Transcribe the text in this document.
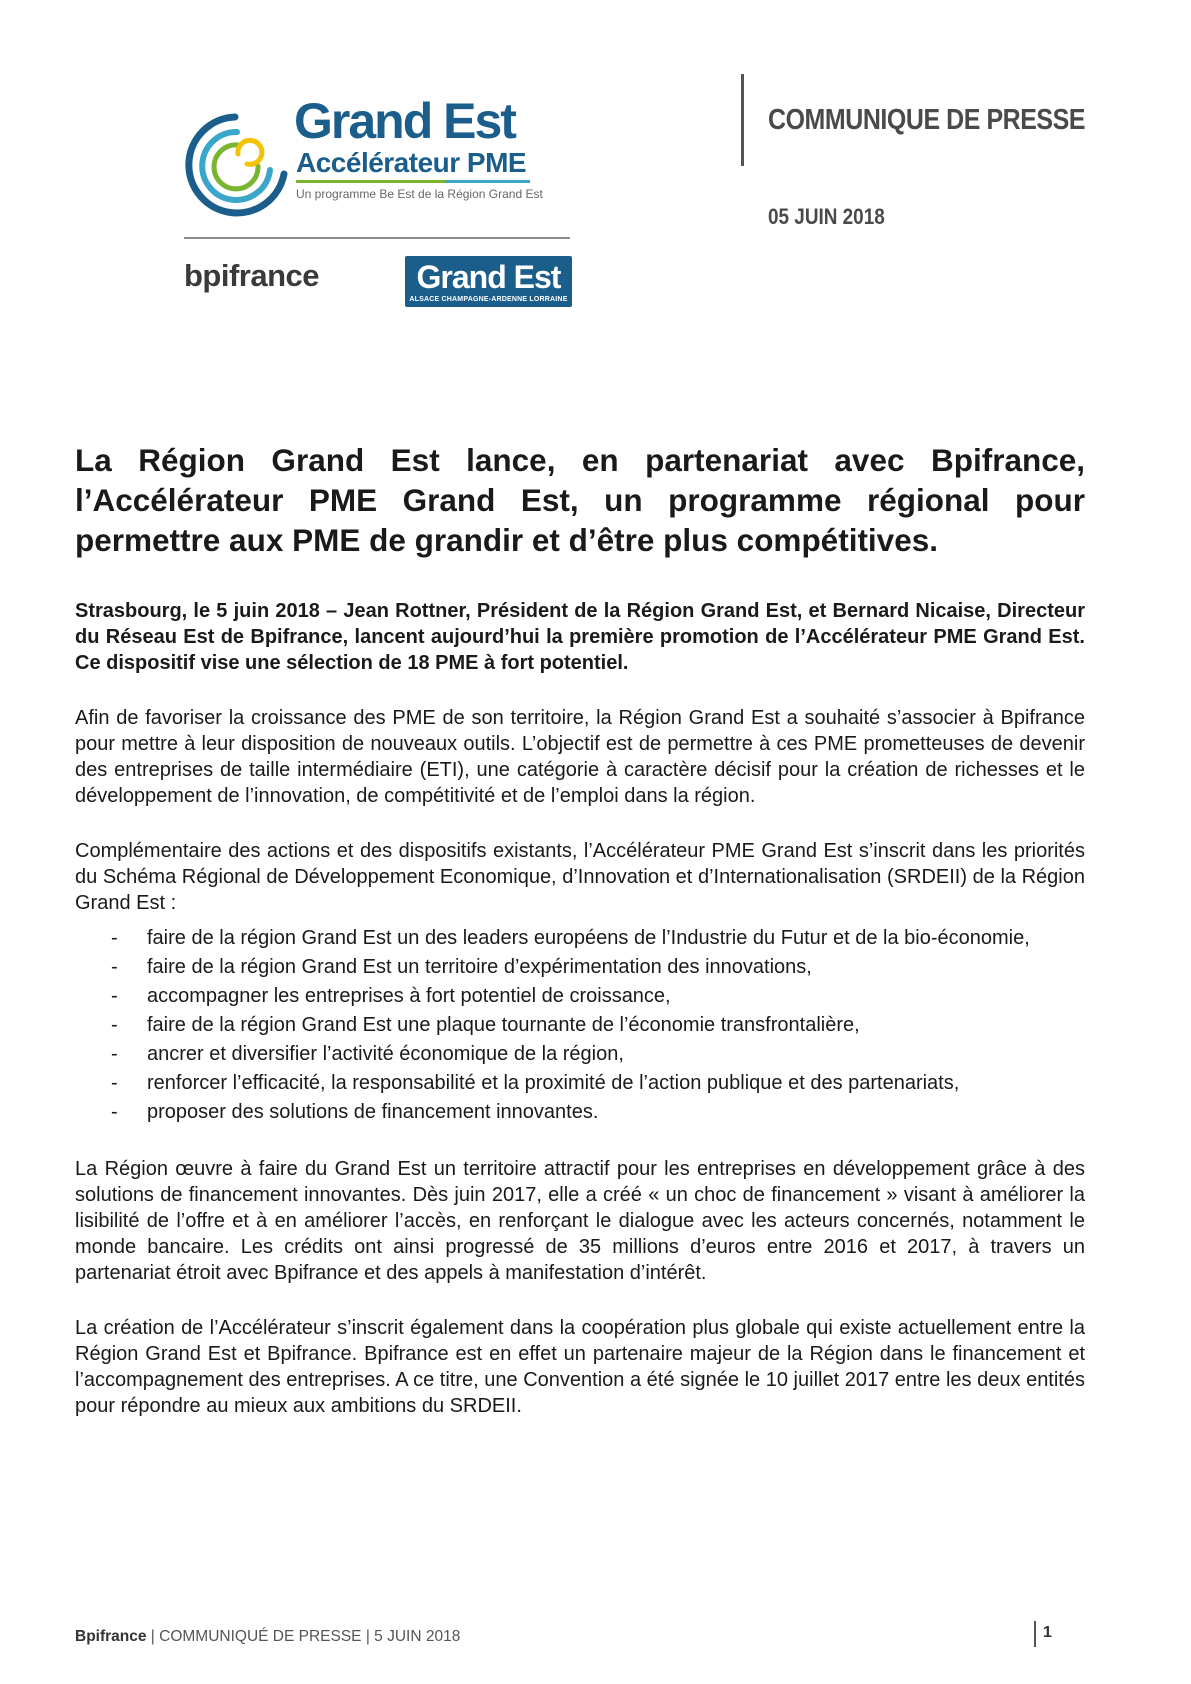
Grand Est
Accélérateur PME
Un programme Be Est de la Région Grand Est
bpifrance	Grand Est
ALSACE CHAMPAGNE-ARDENNE LORRAINE
COMMUNIQUE DE PRESSE
05 JUIN 2018
La Région Grand Est lance, en partenariat avec Bpifrance, l’Accélérateur PME Grand Est, un programme régional pour permettre aux PME de grandir et d’être plus compétitives.

Strasbourg, le 5 juin 2018 – Jean Rottner, Président de la Région Grand Est, et Bernard Nicaise, Directeur du Réseau Est de Bpifrance, lancent aujourd’hui la première promotion de l’Accélérateur PME Grand Est. Ce dispositif vise une sélection de 18 PME à fort potentiel.

Afin de favoriser la croissance des PME de son territoire, la Région Grand Est a souhaité s’associer à Bpifrance pour mettre à leur disposition de nouveaux outils. L’objectif est de permettre à ces PME prometteuses de devenir des entreprises de taille intermédiaire (ETI), une catégorie à caractère décisif pour la création de richesses et le développement de l’innovation, de compétitivité et de l’emploi dans la région.

Complémentaire des actions et des dispositifs existants, l’Accélérateur PME Grand Est s’inscrit dans les priorités du Schéma Régional de Développement Economique, d’Innovation et d’Internationalisation (SRDEII) de la Région Grand Est :

- faire de la région Grand Est un des leaders européens de l’Industrie du Futur et de la bio-économie,
- faire de la région Grand Est un territoire d’expérimentation des innovations,
- accompagner les entreprises à fort potentiel de croissance,
- faire de la région Grand Est une plaque tournante de l’économie transfrontalière,
- ancrer et diversifier l’activité économique de la région,
- renforcer l’efficacité, la responsabilité et la proximité de l’action publique et des partenariats,
- proposer des solutions de financement innovantes.

La Région œuvre à faire du Grand Est un territoire attractif pour les entreprises en développement grâce à des solutions de financement innovantes. Dès juin 2017, elle a créé « un choc de financement » visant à améliorer la lisibilité de l’offre et à en améliorer l’accès, en renforçant le dialogue avec les acteurs concernés, notamment le monde bancaire. Les crédits ont ainsi progressé de 35 millions d’euros entre 2016 et 2017, à travers un partenariat étroit avec Bpifrance et des appels à manifestation d’intérêt.

La création de l’Accélérateur s’inscrit également dans la coopération plus globale qui existe actuellement entre la Région Grand Est et Bpifrance. Bpifrance est en effet un partenaire majeur de la Région dans le financement et l’accompagnement des entreprises. A ce titre, une Convention a été signée le 10 juillet 2017 entre les deux entités pour répondre au mieux aux ambitions du SRDEII.

Bpifrance | COMMUNIQUÉ DE PRESSE | 5 JUIN 2018	1
